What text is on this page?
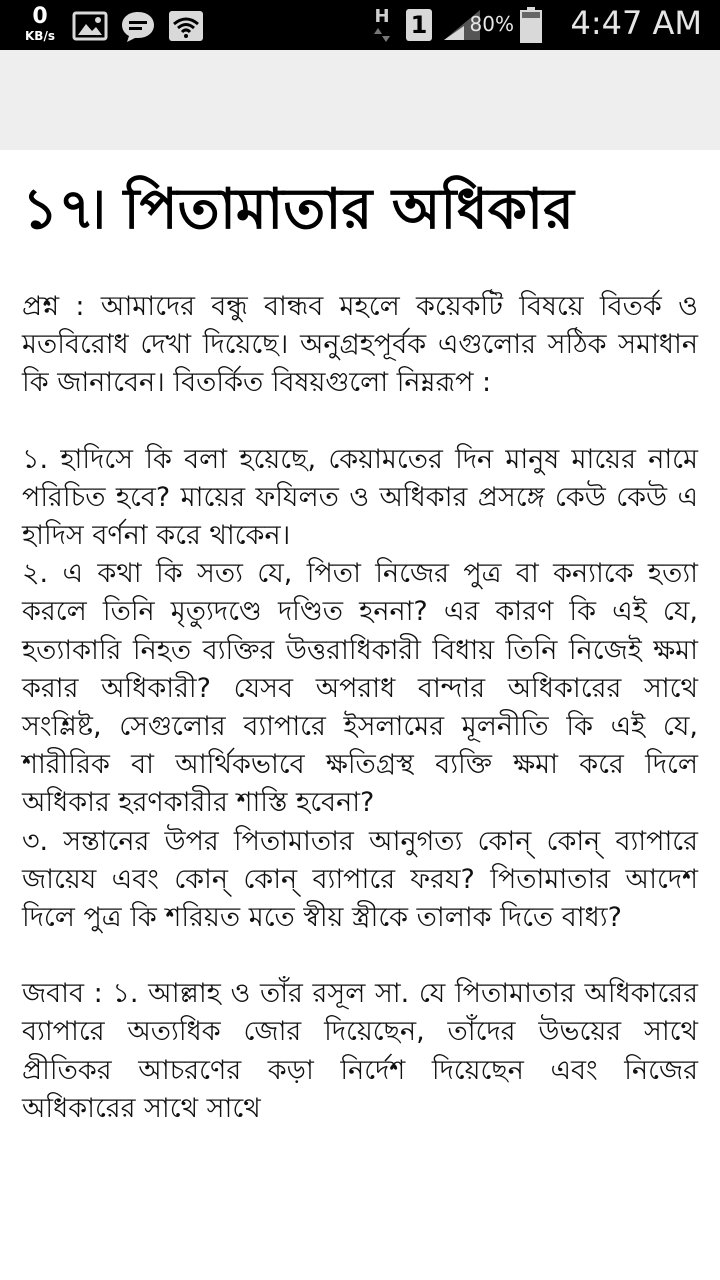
0
KB/s
H 1 80% 4:47 AM
১৭৷ পিতামাতার অধিকার

প্রশ্ন : আমাদের বন্ধু বান্ধব মহলে কয়েকটি বিষয়ে বিতর্ক ও মতবিরোধ দেখা দিয়েছে। অনুগ্রহপূর্বক এগুলোর সঠিক সমাধান কি জানাবেন। বিতর্কিত বিষয়গুলো নিম্নরূপ :

১. হাদিসে কি বলা হয়েছে, কেয়ামতের দিন মানুষ মায়ের নামে পরিচিত হবে? মায়ের ফযিলত ও অধিকার প্রসঙ্গে কেউ কেউ এ হাদিস বর্ণনা করে থাকেন।

২. এ কথা কি সত্য যে, পিতা নিজের পুত্র বা কন্যাকে হত্যা করলে তিনি মৃত্যুদণ্ডে দণ্ডিত হননা? এর কারণ কি এই যে, হত্যাকারি নিহত ব্যক্তির উত্তরাধিকারী বিধায় তিনি নিজেই ক্ষমা করার অধিকারী? যেসব অপরাধ বান্দার অধিকারের সাথে সংশ্লিষ্ট, সেগুলোর ব্যাপারে ইসলামের মূলনীতি কি এই যে, শারীরিক বা আর্থিকভাবে ক্ষতিগ্রস্থ ব্যক্তি ক্ষমা করে দিলে অধিকার হরণকারীর শাস্তি হবেনা?

৩. সন্তানের উপর পিতামাতার আনুগত্য কোন্ কোন্ ব্যাপারে জায়েয এবং কোন্ কোন্ ব্যাপারে ফরয? পিতামাতার আদেশ দিলে পুত্র কি শরিয়ত মতে স্বীয় স্ত্রীকে তালাক দিতে বাধ্য?

জবাব : ১. আল্লাহ ও তাঁর রসূল সা. যে পিতামাতার অধিকারের ব্যাপারে অত্যধিক জোর দিয়েছেন, তাঁদের উভয়ের সাথে প্রীতিকর আচরণের কড়া নির্দেশ দিয়েছেন এবং নিজের অধিকারের সাথে সাথে
